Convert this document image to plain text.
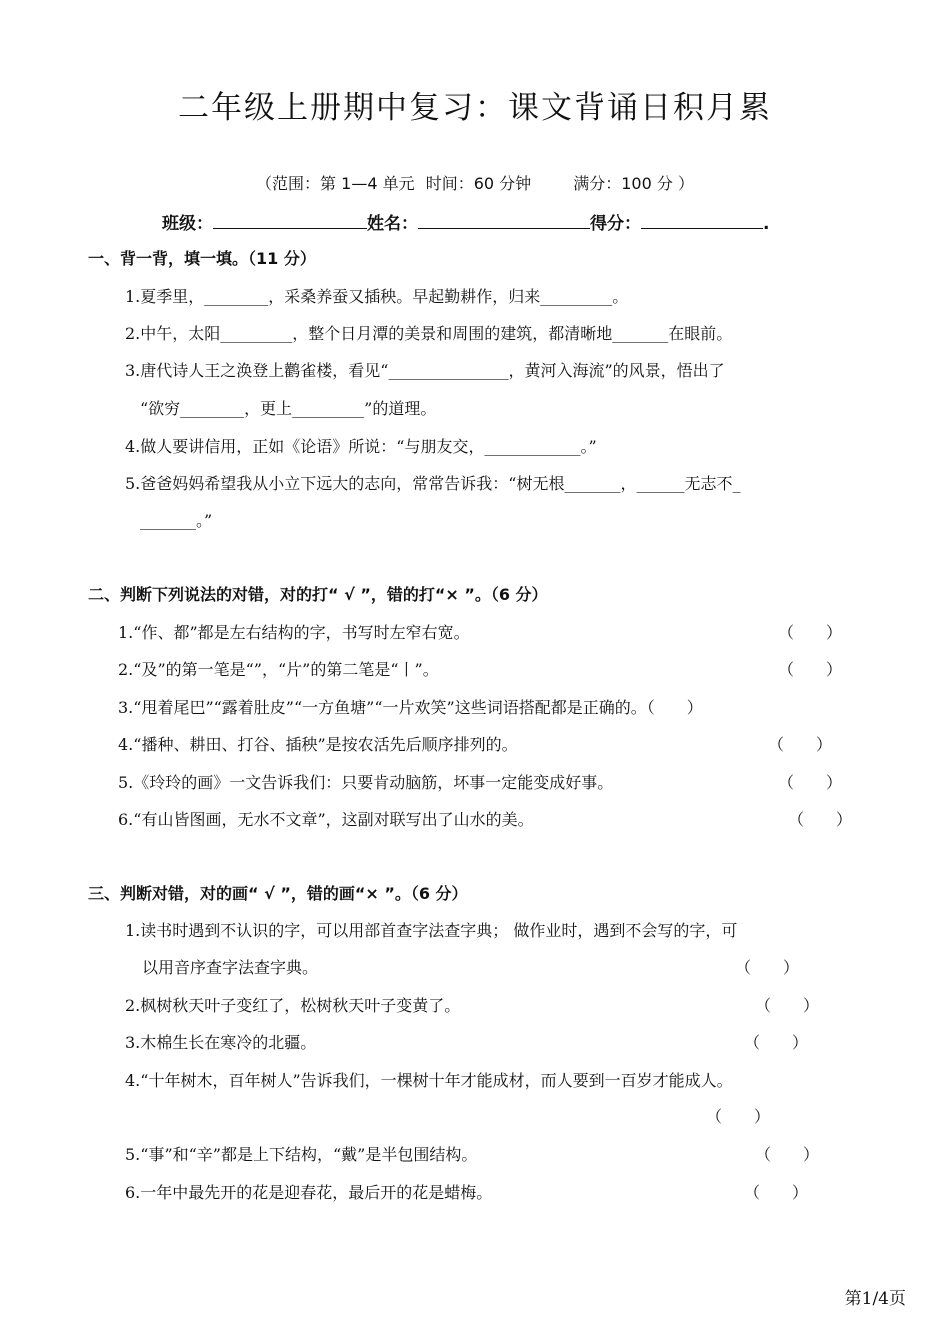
二年级上册期中复习：课文背诵日积月累
（范围：第 1—4 单元 时间：60 分钟	满分：100 分 ）
班级：	姓名：	得分：	.
一、背一背，填一填。（11 分）
1.夏季里，________，采桑养蚕又插秧。早起勤耕作，归来_________。
2.中午，太阳_________，整个日月潭的美景和周围的建筑，都清晰地_______在眼前。
3.唐代诗人王之涣登上鹳雀楼，看见“_______________，黄河入海流”的风景，悟出了
“欲穷________，更上_________”的道理。
4.做人要讲信用，正如《论语》所说：“与朋友交，____________。”
5.爸爸妈妈希望我从小立下远大的志向，常常告诉我：“树无根_______，______无志不_
_______。”
二、判断下列说法的对错，对的打“ √ ”，错的打“× ”。（6 分）
1.“作、都”都是左右结构的字，书写时左窄右宽。	（　　）
2.“及”的第一笔是“”，“片”的第二笔是“丨”。	（　　）
3.“甩着尾巴”“露着肚皮”“一方鱼塘”“一片欢笑”这些词语搭配都是正确的。（　　）
4.“播种、耕田、打谷、插秧”是按农活先后顺序排列的。	（　　）
5.《玲玲的画》一文告诉我们：只要肯动脑筋，坏事一定能变成好事。	（　　）
6.“有山皆图画，无水不文章”，这副对联写出了山水的美。	（　　）
三、判断对错，对的画“ √ ”，错的画“× ”。（6 分）
1.读书时遇到不认识的字，可以用部首查字法查字典； 做作业时，遇到不会写的字，可
以用音序查字法查字典。	（　　）
2.枫树秋天叶子变红了，松树秋天叶子变黄了。	（　　）
3.木棉生长在寒冷的北疆。	（　　）
4.“十年树木，百年树人”告诉我们，一棵树十年才能成材，而人要到一百岁才能成人。
（　　）
5.“事”和“辛”都是上下结构，“戴”是半包围结构。	（　　）
6.一年中最先开的花是迎春花，最后开的花是蜡梅。	（　　）
第1/4页
